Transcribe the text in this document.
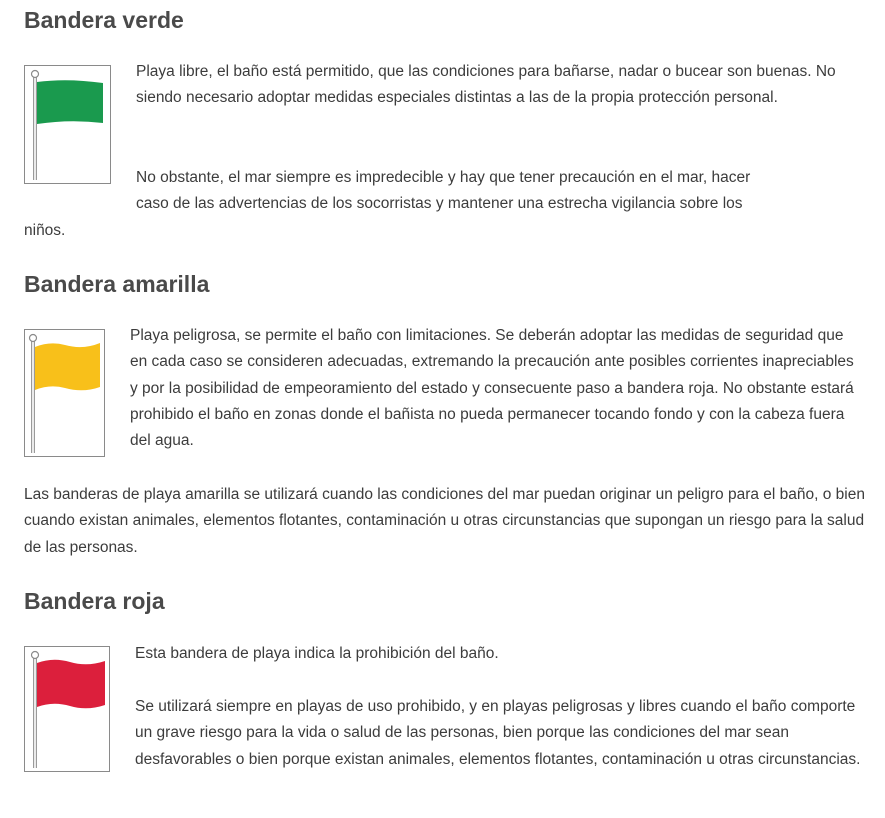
Bandera verde

Playa libre, el baño está permitido, que las condiciones para bañarse, nadar o bucear son buenas. No siendo necesario adoptar medidas especiales distintas a las de la propia protección personal.

No obstante, el mar siempre es impredecible y hay que tener precaución en el mar, hacer
caso de las advertencias de los socorristas y mantener una estrecha vigilancia sobre los
niños.
Bandera amarilla

Playa peligrosa, se permite el baño con limitaciones. Se deberán adoptar las medidas de seguridad que en cada caso se consideren adecuadas, extremando la precaución ante posibles corrientes inapreciables y por la posibilidad de empeoramiento del estado y consecuente paso a bandera roja. No obstante estará prohibido el baño en zonas donde el bañista no pueda permanecer tocando fondo y con la cabeza fuera del agua.

Las banderas de playa amarilla se utilizará cuando las condiciones del mar puedan originar un peligro para el baño, o bien cuando existan animales, elementos flotantes, contaminación u otras circunstancias que supongan un riesgo para la salud de las personas.

Bandera roja

Esta bandera de playa indica la prohibición del baño.

Se utilizará siempre en playas de uso prohibido, y en playas peligrosas y libres cuando el baño comporte un grave riesgo para la vida o salud de las personas, bien porque las condiciones del mar sean desfavorables o bien porque existan animales, elementos flotantes, contaminación u otras circunstancias.
